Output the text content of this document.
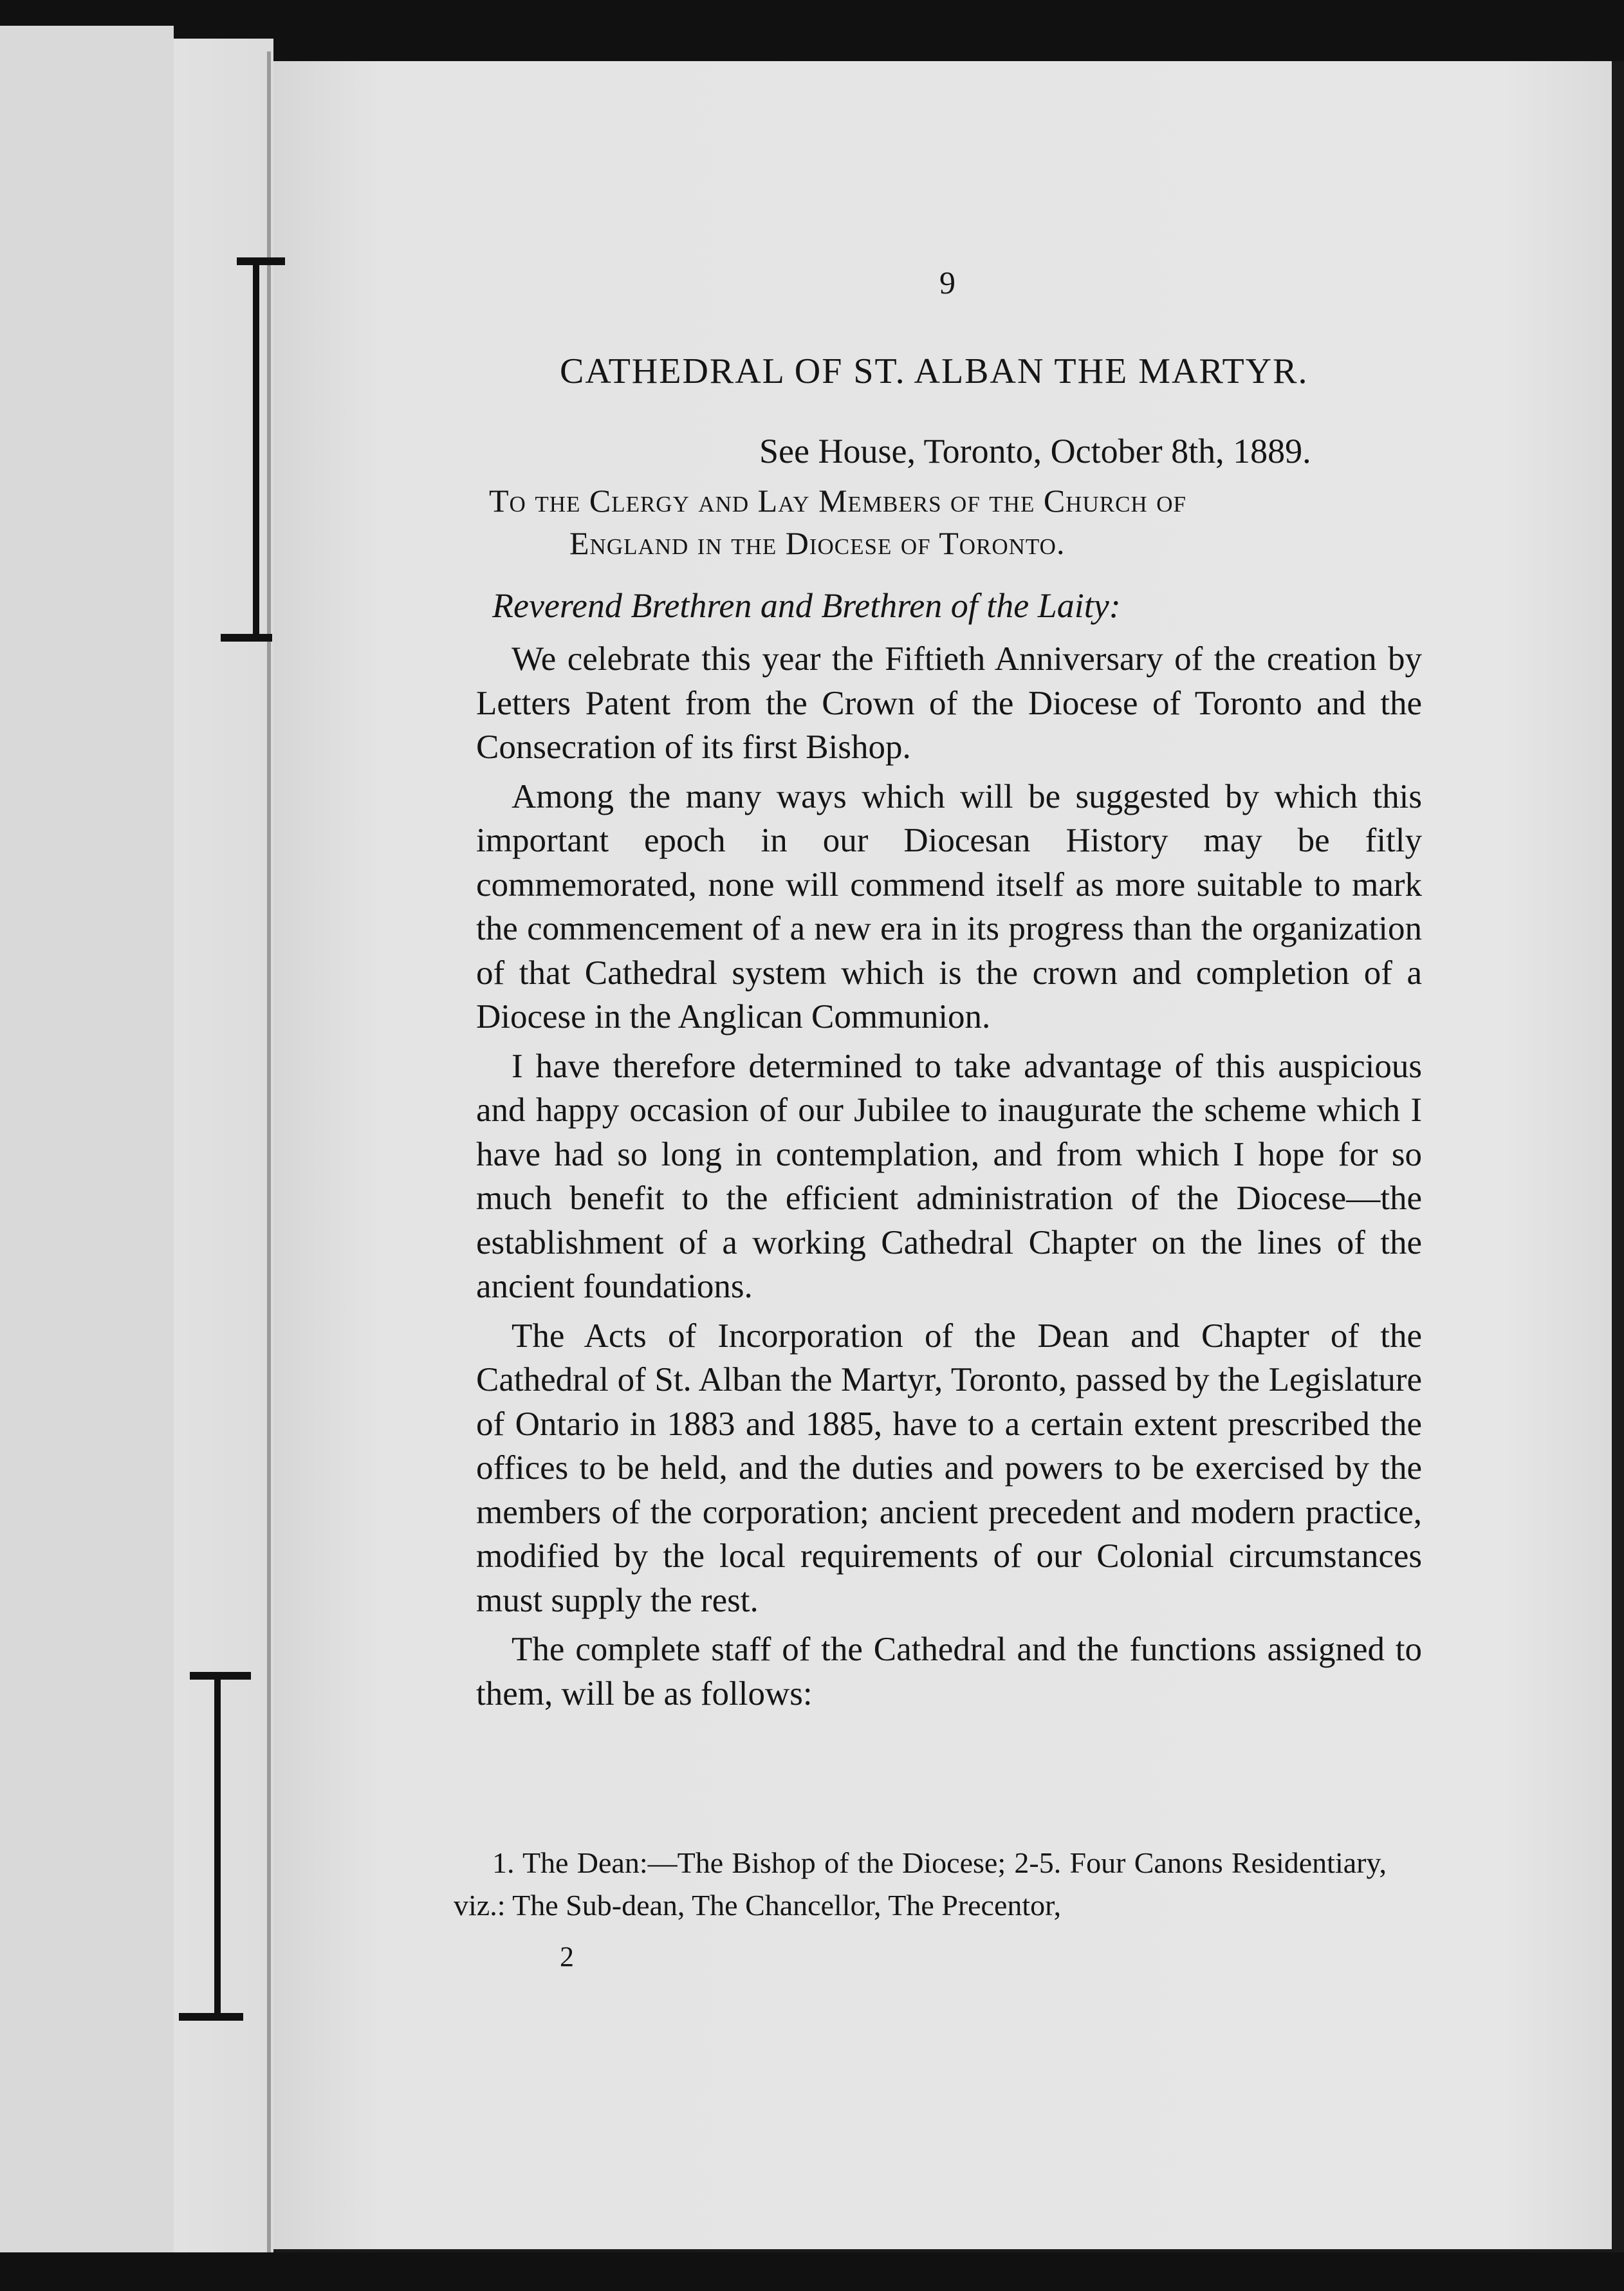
9
CATHEDRAL OF ST. ALBAN THE MARTYR.
See House, Toronto, October 8th, 1889.
To the Clergy and Lay Members of the Church of
England in the Diocese of Toronto.
Reverend Brethren and Brethren of the Laity:

We celebrate this year the Fiftieth Anniversary of the creation by Letters Patent from the Crown of the Diocese of Toronto and the Consecration of its first Bishop.

Among the many ways which will be suggested by which this important epoch in our Diocesan History may be fitly commemorated, none will commend itself as more suitable to mark the commencement of a new era in its progress than the organization of that Cathedral system which is the crown and completion of a Diocese in the Anglican Communion.

I have therefore determined to take advantage of this auspicious and happy occasion of our Jubilee to inaugurate the scheme which I have had so long in contemplation, and from which I hope for so much benefit to the efficient administration of the Diocese—the establishment of a working Cathedral Chapter on the lines of the ancient foundations.

The Acts of Incorporation of the Dean and Chapter of the Cathedral of St. Alban the Martyr, Toronto, passed by the Legislature of Ontario in 1883 and 1885, have to a certain extent prescribed the offices to be held, and the duties and powers to be exercised by the members of the corporation; ancient precedent and modern practice, modified by the local requirements of our Colonial circumstances must supply the rest.

The complete staff of the Cathedral and the functions assigned to them, will be as follows:

1. The Dean:—The Bishop of the Diocese; 2-5. Four Canons Residentiary, viz.: The Sub-dean, The Chancellor, The Precentor,

2
